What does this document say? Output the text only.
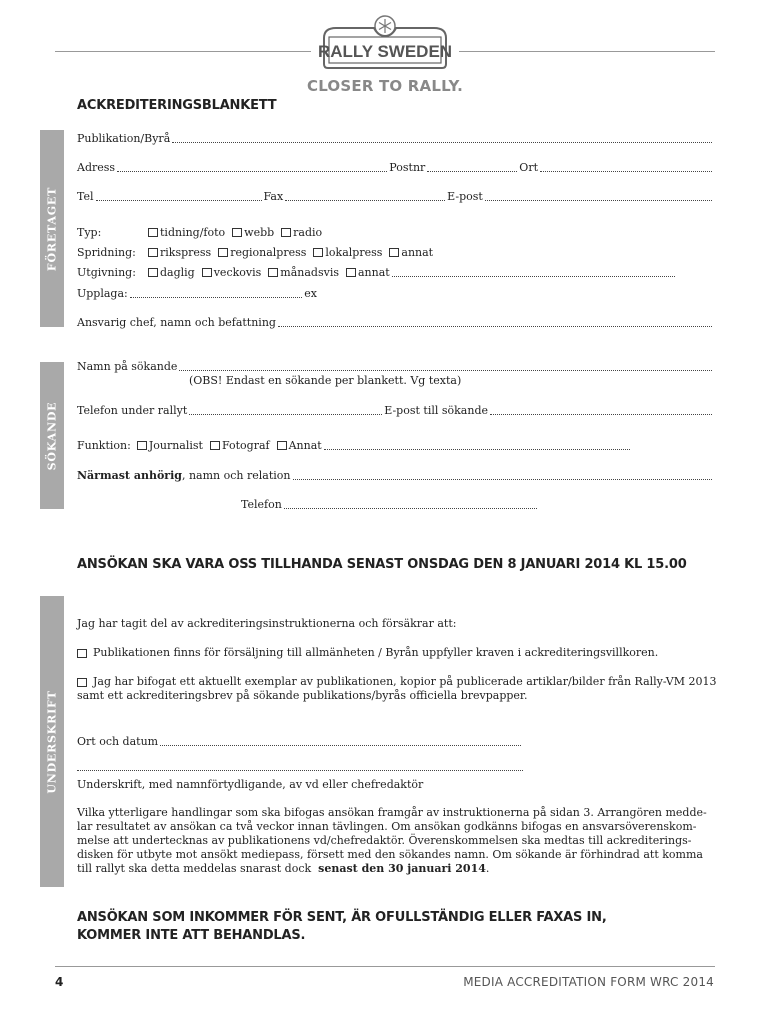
RALLY SWEDEN
CLOSER TO RALLY.
ACKREDITERINGSBLANKETT
FÖRETAGET
SÖKANDE
UNDERSKRIFT
Publikation/Byrå
Adress	Postnr	Ort
Tel	Fax	E-post
Typ:	tidning/foto webb radio
Spridning:	rikspress regionalpress lokalpress annat
Utgivning:	daglig veckovis månadsvis annat
Upplaga:	ex
Ansvarig chef, namn och befattning
Namn på sökande
(OBS! Endast en sökande per blankett. Vg texta)
Telefon under rallyt	E-post till sökande
Funktion: Journalist Fotograf Annat
Närmast anhörig , namn och relation
Telefon
ANSÖKAN SKA VARA OSS TILLHANDA SENAST ONSDAG DEN 8 JANUARI 2014 KL 15.00
Jag har tagit del av ackrediteringsinstruktionerna och försäkrar att:
Publikationen finns för försäljning till allmänheten / Byrån uppfyller kraven i ackrediteringsvillkoren.

Jag har bifogat ett aktuellt exemplar av publikationen, kopior på publicerade artiklar/bilder från Rally-VM 2013

samt ett ackrediteringsbrev på sökande publikations/byrås officiella brevpapper.

Ort och datum
Underskrift, med namnförtydligande, av vd eller chefredaktör

Vilka ytterligare handlingar som ska bifogas ansökan framgår av instruktionerna på sidan 3. Arrangören medde-

lar resultatet av ansökan ca två veckor innan tävlingen. Om ansökan godkänns bifogas en ansvarsöverenskom-

melse att undertecknas av publikationens vd/chefredaktör. Överenskommelsen ska medtas till ackrediterings-

disken för utbyte mot ansökt mediepass, försett med den sökandes namn. Om sökande är förhindrad att komma

till rallyt ska detta meddelas snarast dock  senast den 30 januari 2014.

ANSÖKAN SOM INKOMMER FÖR SENT, ÄR OFULLSTÄNDIG ELLER FAXAS IN,
KOMMER INTE ATT BEHANDLAS.
4	MEDIA ACCREDITATION FORM WRC 2014
